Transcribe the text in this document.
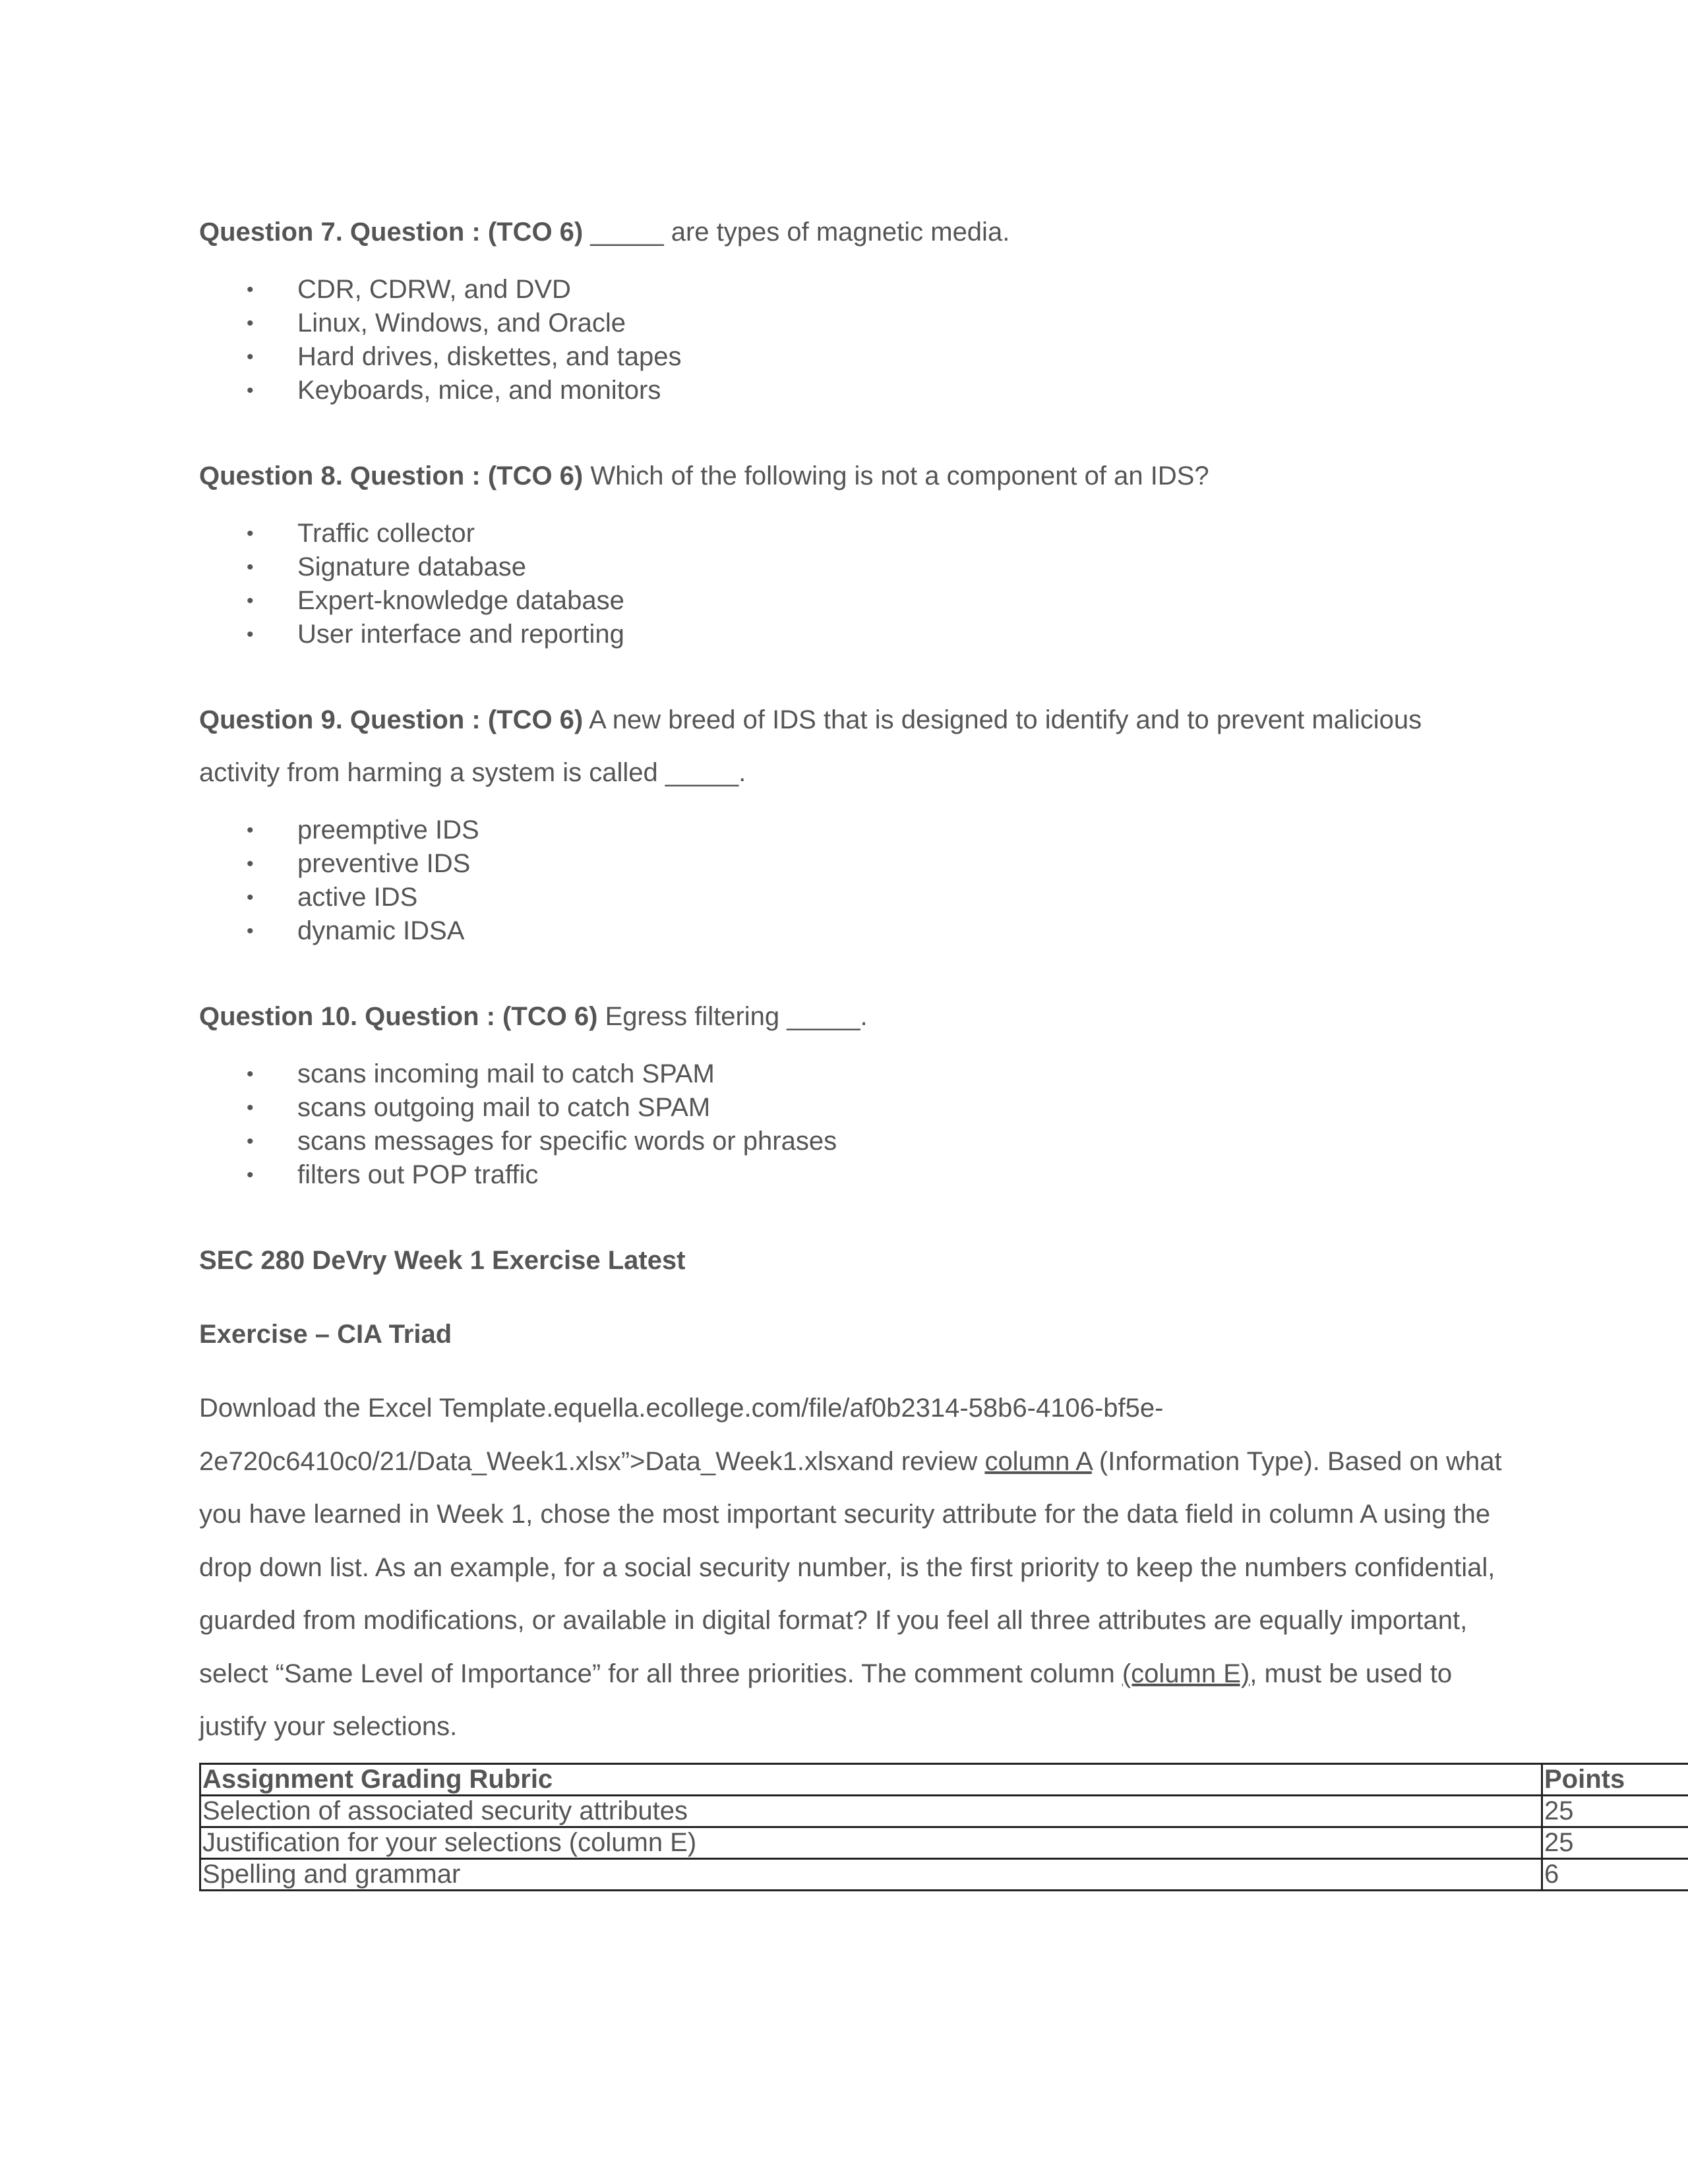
Question 7. Question : (TCO 6) _____ are types of magnetic media.

• CDR, CDRW, and DVD
• Linux, Windows, and Oracle
• Hard drives, diskettes, and tapes
• Keyboards, mice, and monitors

Question 8. Question : (TCO 6) Which of the following is not a component of an IDS?

• Traffic collector
• Signature database
• Expert-knowledge database
• User interface and reporting

Question 9. Question : (TCO 6) A new breed of IDS that is designed to identify and to prevent malicious activity from harming a system is called _____.

• preemptive IDS
• preventive IDS
• active IDS
• dynamic IDSA

Question 10. Question : (TCO 6) Egress filtering _____.

• scans incoming mail to catch SPAM
• scans outgoing mail to catch SPAM
• scans messages for specific words or phrases
• filters out POP traffic

SEC 280 DeVry Week 1 Exercise Latest

Exercise – CIA Triad

Download the Excel Template.equella.ecollege.com/file/af0b2314-58b6-4106-bf5e-2e720c6410c0/21/Data_Week1.xlsx”>Data_Week1.xlsxand review column A (Information Type). Based on what you have learned in Week 1, chose the most important security attribute for the data field in column A using the drop down list. As an example, for a social security number, is the first priority to keep the numbers confidential, guarded from modifications, or available in digital format? If you feel all three attributes are equally important, select “Same Level of Importance” for all three priorities. The comment column (column E), must be used to justify your selections.

Assignment Grading Rubric	Points
Selection of associated security attributes	25
Justification for your selections (column E)	25
Spelling and grammar	6
